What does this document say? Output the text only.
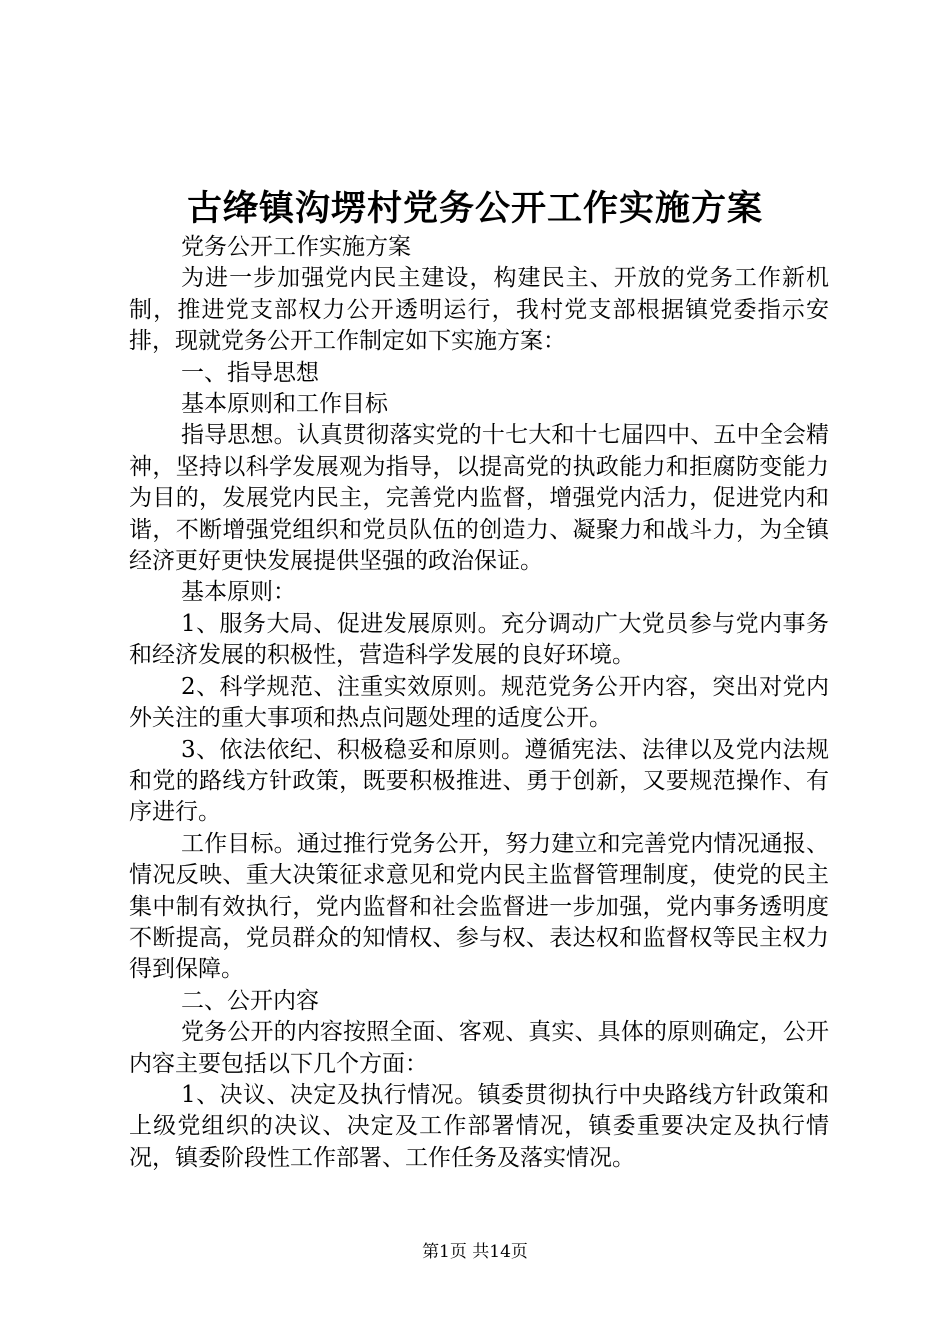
古绛镇沟塄村党务公开工作实施方案

党务公开工作实施方案

为进一步加强党内民主建设，构建民主、开放的党务工作新机制，推进党支部权力公开透明运行，我村党支部根据镇党委指示安排，现就党务公开工作制定如下实施方案：

一、指导思想

基本原则和工作目标

指导思想。认真贯彻落实党的十七大和十七届四中、五中全会精神，坚持以科学发展观为指导，以提高党的执政能力和拒腐防变能力为目的，发展党内民主，完善党内监督，增强党内活力，促进党内和谐，不断增强党组织和党员队伍的创造力、凝聚力和战斗力，为全镇经济更好更快发展提供坚强的政治保证。

基本原则：

1、服务大局、促进发展原则。充分调动广大党员参与党内事务和经济发展的积极性，营造科学发展的良好环境。

2、科学规范、注重实效原则。规范党务公开内容，突出对党内外关注的重大事项和热点问题处理的适度公开。

3、依法依纪、积极稳妥和原则。遵循宪法、法律以及党内法规和党的路线方针政策，既要积极推进、勇于创新，又要规范操作、有序进行。

工作目标。通过推行党务公开，努力建立和完善党内情况通报、情况反映、重大决策征求意见和党内民主监督管理制度，使党的民主集中制有效执行，党内监督和社会监督进一步加强，党内事务透明度不断提高，党员群众的知情权、参与权、表达权和监督权等民主权力得到保障。

二、公开内容

党务公开的内容按照全面、客观、真实、具体的原则确定，公开内容主要包括以下几个方面：

1、决议、决定及执行情况。镇委贯彻执行中央路线方针政策和上级党组织的决议、决定及工作部署情况，镇委重要决定及执行情况，镇委阶段性工作部署、工作任务及落实情况。

第1页 共14页
